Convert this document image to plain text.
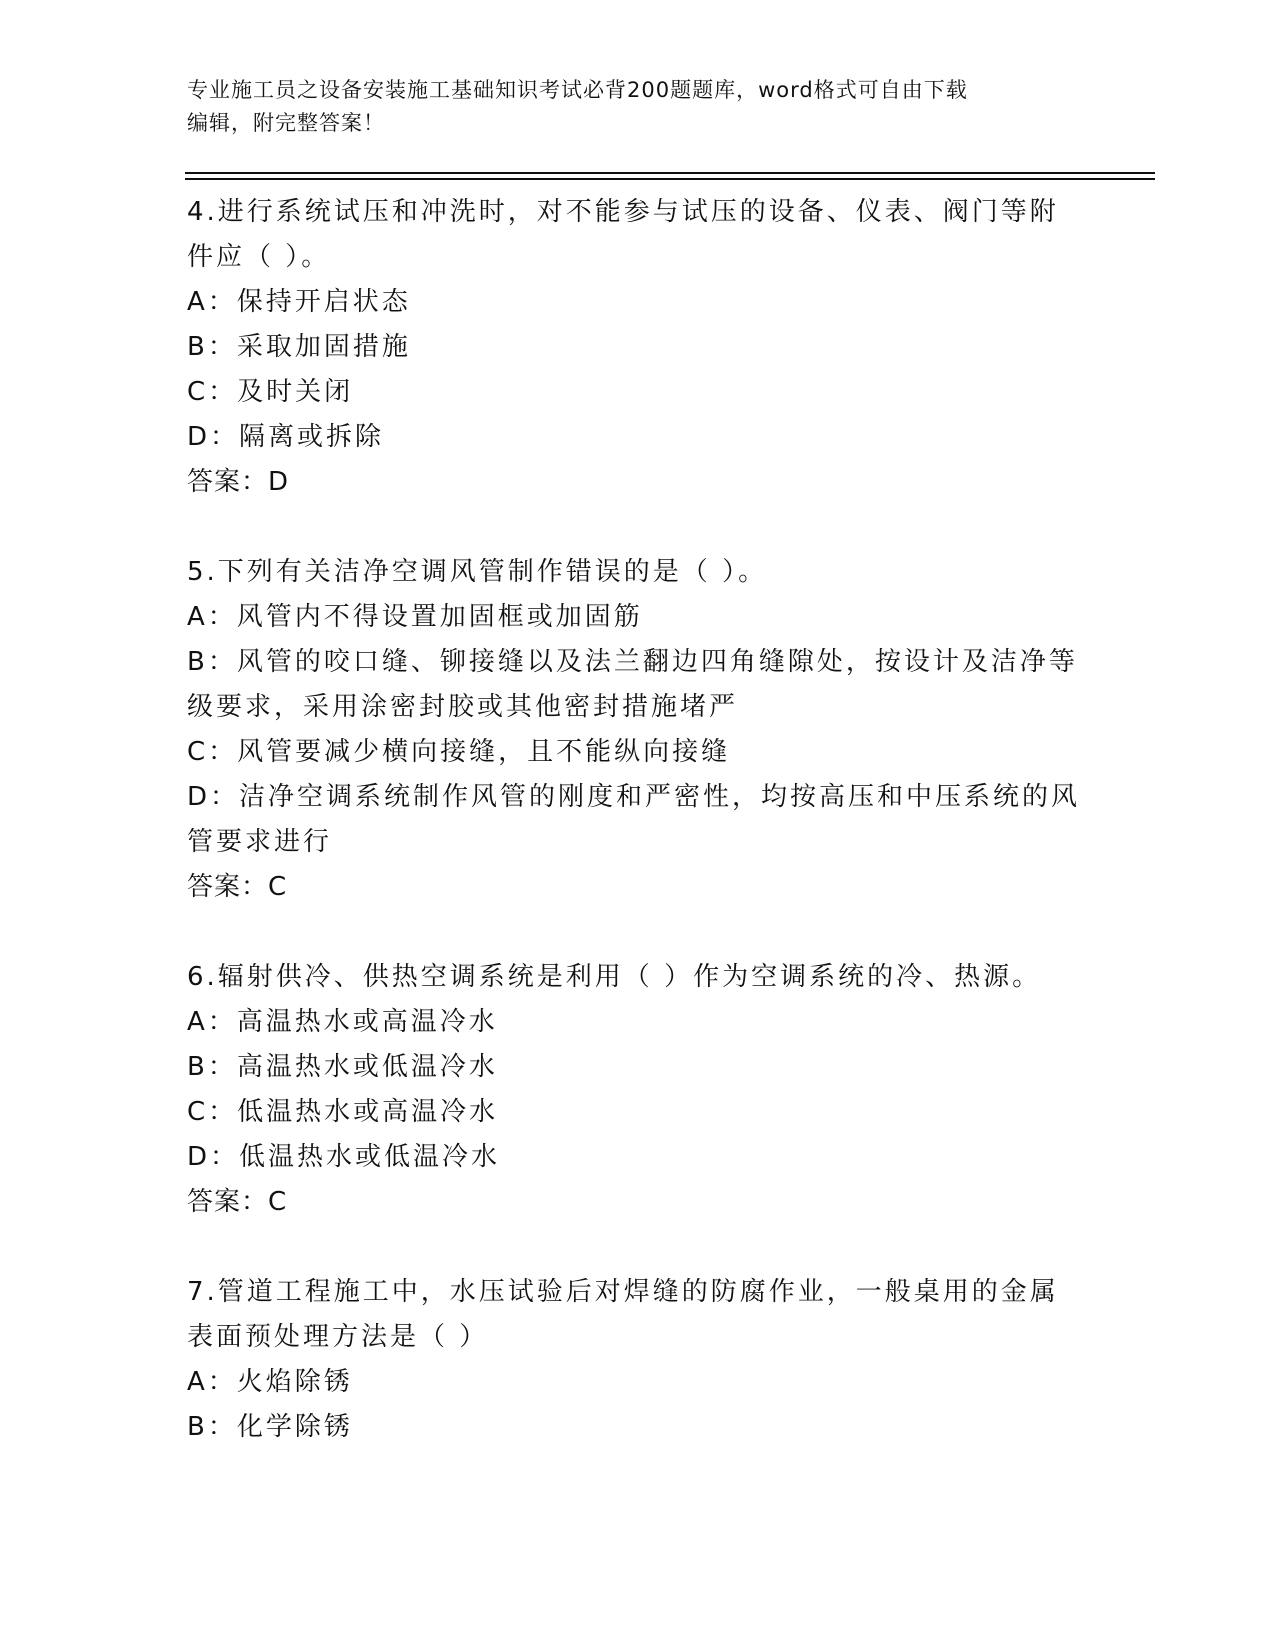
专业施工员之设备安装施工基础知识考试必背200题题库，word格式可自由下载
编辑，附完整答案！
4.进行系统试压和冲洗时，对不能参与试压的设备、仪表、阀门等附
件应（ ）。
A：保持开启状态
B：采取加固措施
C：及时关闭
D：隔离或拆除
答案：D
5.下列有关洁净空调风管制作错误的是（ ）。
A：风管内不得设置加固框或加固筋
B：风管的咬口缝、铆接缝以及法兰翻边四角缝隙处，按设计及洁净等
级要求，采用涂密封胶或其他密封措施堵严
C：风管要减少横向接缝，且不能纵向接缝
D：洁净空调系统制作风管的刚度和严密性，均按高压和中压系统的风
管要求进行
答案：C
6.辐射供冷、供热空调系统是利用（ ）作为空调系统的冷、热源。
A：高温热水或高温冷水
B：高温热水或低温冷水
C：低温热水或高温冷水
D：低温热水或低温冷水
答案：C
7.管道工程施工中，水压试验后对焊缝的防腐作业，一般桌用的金属
表面预处理方法是（ ）
A：火焰除锈
B：化学除锈
